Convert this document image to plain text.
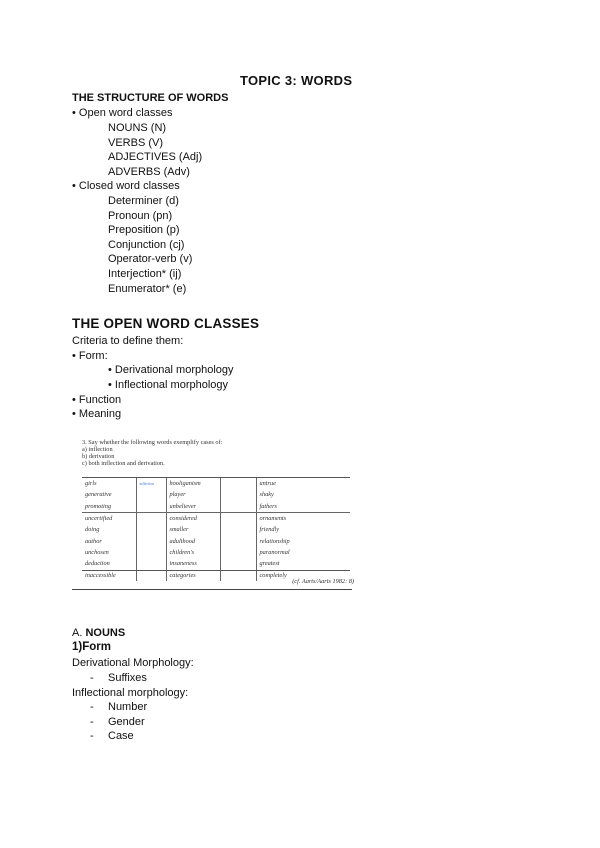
TOPIC 3: WORDS
THE STRUCTURE OF WORDS
• Open word classes
NOUNS (N)
VERBS (V)
ADJECTIVES (Adj)
ADVERBS (Adv)
• Closed word classes
Determiner (d)
Pronoun (pn)
Preposition (p)
Conjunction (cj)
Operator-verb (v)
Interjection* (ij)
Enumerator* (e)
THE OPEN WORD CLASSES
Criteria to define them:
• Form:
• Derivational morphology
• Inflectional morphology
• Function
• Meaning
3. Say whether the following words exemplify cases of:
a) inflection
b) derivation
c) both inflection and derivation.
girls	inflection	hooliganism		untrue
generative		player		shaky
promoting		unbeliever		fathers
uncertified		considered		ornaments
doing		smaller		friendly
author		adulthood		relationship
unchosen		children's		paranormal
deduction		insaneness		greatest
inaccessible		categories		completely
(cf. Aarts/Aarts 1982: 8)
A. NOUNS
1)Form
Derivational Morphology:
- Suffixes
Inflectional morphology:
- Number
- Gender
- Case
